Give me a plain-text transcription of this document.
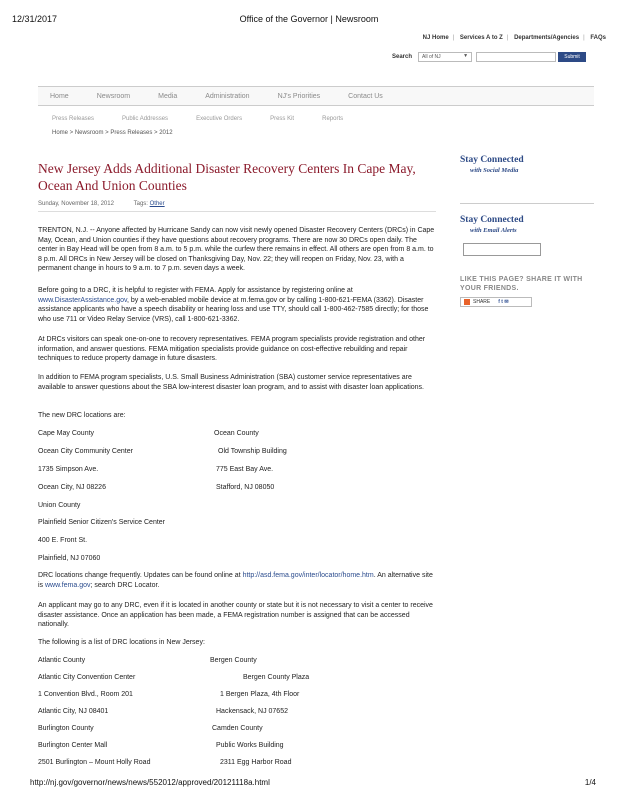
12/31/2017	Office of the Governor | Newsroom
NJ Home | Services A to Z | Departments/Agencies | FAQs
Search	All of NJ	▼	Submit
Home	Newsroom	Media	Administration	NJ's Priorities	Contact Us
Press Releases	Public Addresses	Executive Orders	Press Kit	Reports
Home > Newsroom > Press Releases > 2012
New Jersey Adds Additional Disaster Recovery Centers In Cape May, Ocean And Union Counties
Sunday, November 18, 2012	Tags: Other
Stay Connected
with Social Media
Stay Connected
with Email Alerts
LIKE THIS PAGE? SHARE IT WITH YOUR FRIENDS.
SHARE f t ✉
TRENTON, N.J. -- Anyone affected by Hurricane Sandy can now visit newly opened Disaster Recovery Centers (DRCs) in Cape May, Ocean, and Union counties if they have questions about recovery programs. There are now 30 DRCs open daily. The center in Bay Head will be open from 8 a.m. to 5 p.m. while the curfew there remains in effect. All others are open from 8 a.m. to 8 p.m. All DRCs in New Jersey will be closed on Thanksgiving Day, Nov. 22; they will reopen on Friday, Nov. 23, with a permanent change in hours to 9 a.m. to 7 p.m. seven days a week.
Before going to a DRC, it is helpful to register with FEMA. Apply for assistance by registering online at www.DisasterAssistance.gov, by a web-enabled mobile device at m.fema.gov or by calling 1-800-621-FEMA (3362). Disaster assistance applicants who have a speech disability or hearing loss and use TTY, should call 1-800-462-7585 directly; for those who use 711 or Video Relay Service (VRS), call 1-800-621-3362.
At DRCs visitors can speak one-on-one to recovery representatives. FEMA program specialists provide registration and other information, and answer questions. FEMA mitigation specialists provide guidance on cost-effective rebuilding and repair techniques to reduce property damage in future disasters.
In addition to FEMA program specialists, U.S. Small Business Administration (SBA) customer service representatives are available to answer questions about the SBA low-interest disaster loan program, and to assist with disaster loan applications.
The new DRC locations are:
Cape May County	Ocean County
Ocean City Community Center	Old Township Building
1735 Simpson Ave.	775 East Bay Ave.
Ocean City, NJ 08226	Stafford, NJ 08050
Union County
Plainfield Senior Citizen's Service Center
400 E. Front St.
Plainfield, NJ 07060
DRC locations change frequently. Updates can be found online at http://asd.fema.gov/inter/locator/home.htm. An alternative site is www.fema.gov; search DRC Locator.
An applicant may go to any DRC, even if it is located in another county or state but it is not necessary to visit a center to receive disaster assistance. Once an application has been made, a FEMA registration number is assigned that can be accessed nationally.
The following is a list of DRC locations in New Jersey:
Atlantic County	Bergen County
Atlantic City Convention Center	Bergen County Plaza
1 Convention Blvd., Room 201	1 Bergen Plaza, 4th Floor
Atlantic City, NJ 08401	Hackensack, NJ 07652
Burlington County	Camden County
Burlington Center Mall	Public Works Building
2501 Burlington – Mount Holly Road	2311 Egg Harbor Road
http://nj.gov/governor/news/news/552012/approved/20121118a.html	1/4
